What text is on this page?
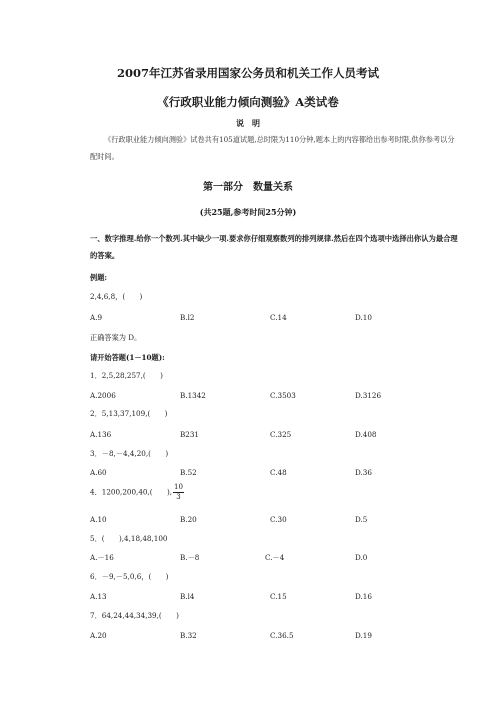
2007年江苏省录用国家公务员和机关工作人员考试
《行政职业能力倾向测验》A类试卷
说　明
《行政职业能力倾向测验》试卷共有105道试题,总时限为110分钟,题本上的内容都给出参考时限,供你参考以分配时间。
第一部分　数量关系
(共25题,参考时间25分钟)
一、数字推理.给你一个数列.其中缺少一项.要求你仔细观察数列的排列规律.然后在四个选项中选择出你认为最合理的答案。
例题:
2,4,6,8，(　　)
A.9	B.l2	C.14	D.10
正确答案为 D。
请开始答题(1－10题):
1．2,5,28,257,(　　)
A.2006	B.1342	C.3503	D.3126
2．5,13,37,109,(　　)
A.136	B231	C.325	D.408
3．－8,－4,4,20,(　　)
A.60	B.52	C.48	D.36
4．1200,200,40,(　　), $\frac{10}{3}$
A.10	B.20	C.30	D.5
5．(　　),4,18,48,100
A.－16	B.－8	C.－4	D.0
6．－9,－5,0,6，(　　)
A.13	B.l4	C.15	D.16
7．64,24,44,34,39,(　　)
A.20	B.32	C.36.5	D.19
